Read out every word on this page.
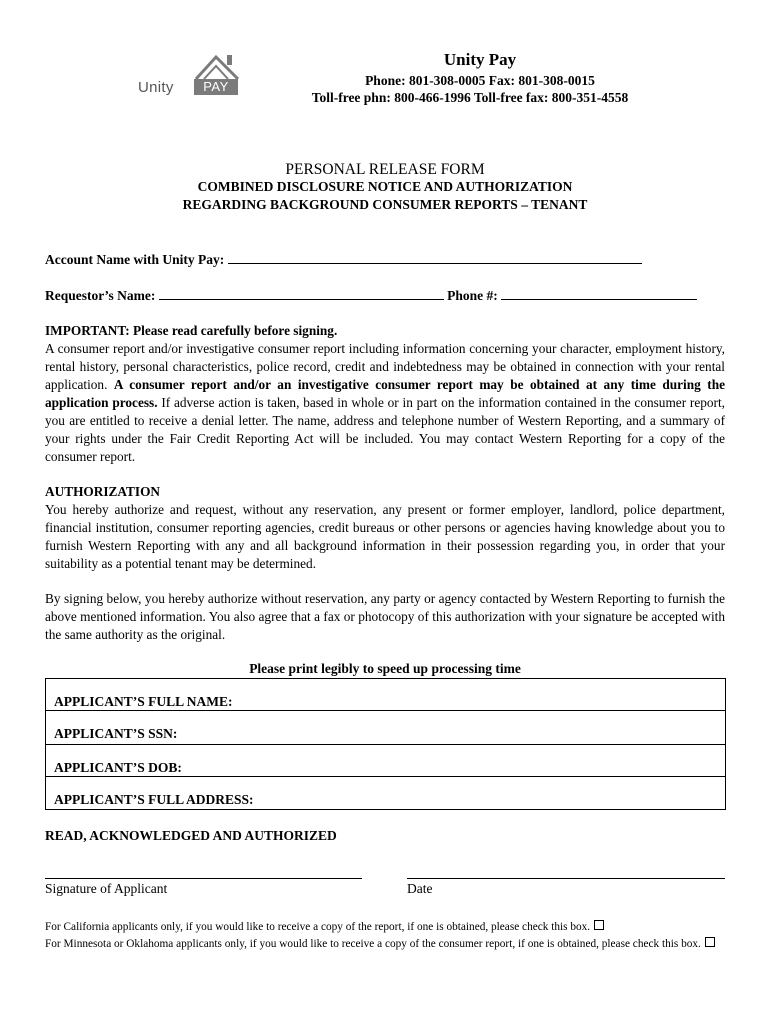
Unity	PAY
Unity Pay
Phone: 801-308-0005 Fax: 801-308-0015
Toll-free phn: 800-466-1996 Toll-free fax: 800-351-4558
PERSONAL RELEASE FORM
COMBINED DISCLOSURE NOTICE AND AUTHORIZATION
REGARDING BACKGROUND CONSUMER REPORTS – TENANT
Account Name with Unity Pay:
Requestor’s Name:	Phone #:
IMPORTANT: Please read carefully before signing.
A consumer report and/or investigative consumer report including information concerning your character, employment history, rental history, personal characteristics, police record, credit and indebtedness may be obtained in connection with your rental application. A consumer report and/or an investigative consumer report may be obtained at any time during the application process. If adverse action is taken, based in whole or in part on the information contained in the consumer report, you are entitled to receive a denial letter. The name, address and telephone number of Western Reporting, and a summary of your rights under the Fair Credit Reporting Act will be included. You may contact Western Reporting for a copy of the consumer report.
AUTHORIZATION
You hereby authorize and request, without any reservation, any present or former employer, landlord, police department, financial institution, consumer reporting agencies, credit bureaus or other persons or agencies having knowledge about you to furnish Western Reporting with any and all background information in their possession regarding you, in order that your suitability as a potential tenant may be determined.
By signing below, you hereby authorize without reservation, any party or agency contacted by Western Reporting to furnish the above mentioned information. You also agree that a fax or photocopy of this authorization with your signature be accepted with the same authority as the original.
Please print legibly to speed up processing time
APPLICANT’S FULL NAME:
APPLICANT’S SSN:
APPLICANT’S DOB:
APPLICANT’S FULL ADDRESS:
READ, ACKNOWLEDGED AND AUTHORIZED
Signature of Applicant	Date
For California applicants only, if you would like to receive a copy of the report, if one is obtained, please check this box.
For Minnesota or Oklahoma applicants only, if you would like to receive a copy of the consumer report, if one is obtained, please check this box.
